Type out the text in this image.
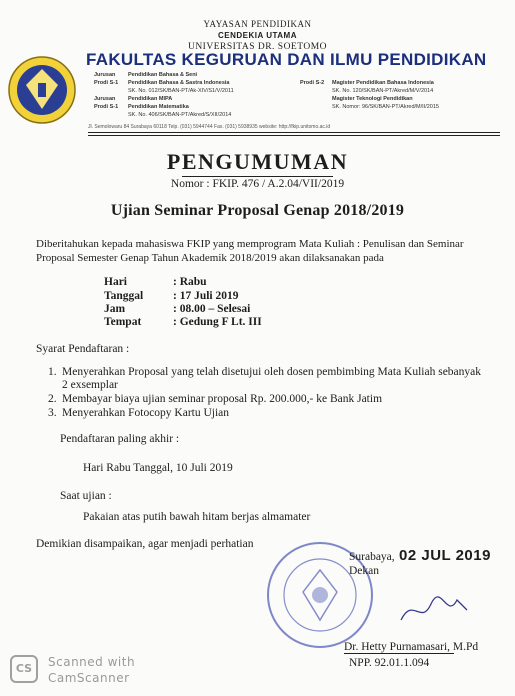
YAYASAN PENDIDIKAN
CENDEKIA UTAMA
UNIVERSITAS DR. SOETOMO
FAKULTAS KEGURUAN DAN ILMU PENDIDIKAN
Jurusan Pendidikan Bahasa & Seni
Prodi S-1 Pendidikan Bahasa & Sastra Indonesia
SK. No. 012/SK/BAN-PT/Ak-XIV/S1/V/2011
Jurusan Pendidikan MIPA
Prodi S-1 Pendidikan Matematika
SK. No. 406/SK/BAN-PT/Akred/S/XII/2014
Prodi S-2 Magister Pendidikan Bahasa Indonesia
SK. No. 120/SK/BAN-PT/Akred/M/V/2014
Magister Teknologi Pendidikan
SK. Nomor: 96/SK/BAN-PT/Akred/M/II/2015
Jl. Semolowaru 84 Surabaya 60118 Telp. (031) 5944744 Fax. (031) 5938935 website: http://fkip.unitomo.ac.id
PENGUMUMAN
Nomor : FKIP. 476 / A.2.04/VII/2019
Ujian Seminar Proposal Genap 2018/2019
Diberitahukan kepada mahasiswa FKIP yang memprogram Mata Kuliah : Penulisan dan Seminar
Proposal Semester Genap Tahun Akademik 2018/2019 akan dilaksanakan pada
Hari	: Rabu
Tanggal	: 17 Juli 2019
Jam	: 08.00 – Selesai
Tempat	: Gedung F Lt. III
Syarat Pendaftaran :
1. Menyerahkan Proposal yang telah disetujui oleh dosen pembimbing Mata Kuliah sebanyak
2 exsemplar
2. Membayar biaya ujian seminar proposal Rp. 200.000,- ke Bank Jatim
3. Menyerahkan Fotocopy Kartu Ujian
Pendaftaran paling akhir :
Hari Rabu Tanggal, 10 Juli 2019
Saat ujian :
Pakaian atas putih bawah hitam berjas almamater
Demikian disampaikan, agar menjadi perhatian
Surabaya, 02 JUL 2019
Dekan
Dr. Hetty Purnamasari, M.Pd
NPP. 92.01.1.094
CS	Scanned with
CamScanner
